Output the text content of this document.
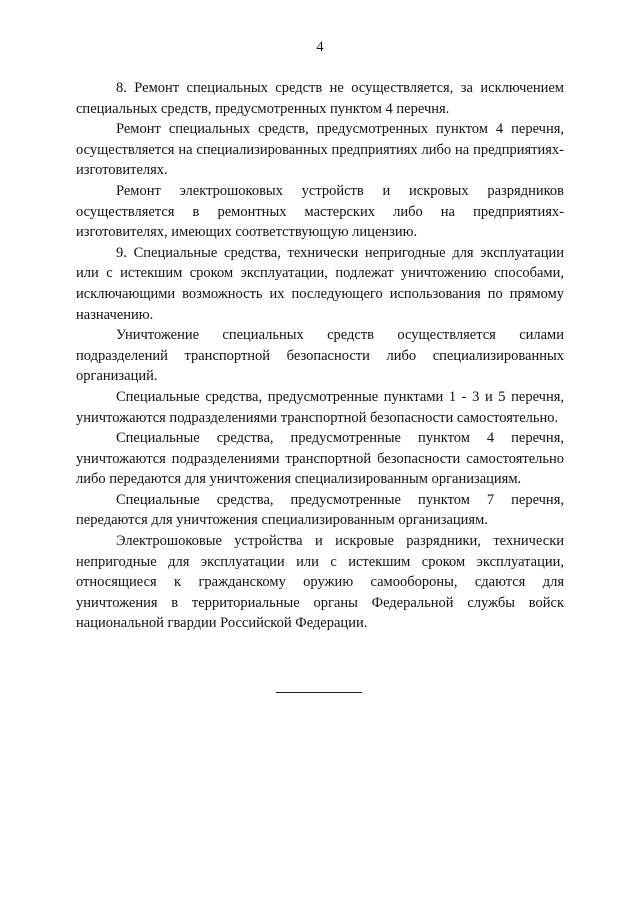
4

8. Ремонт специальных средств не осуществляется, за исключением специальных средств, предусмотренных пунктом 4 перечня.

Ремонт специальных средств, предусмотренных пунктом 4 перечня, осуществляется на специализированных предприятиях либо на предприятиях-изготовителях.

Ремонт электрошоковых устройств и искровых разрядников осуществляется в ремонтных мастерских либо на предприятиях-изготовителях, имеющих соответствующую лицензию.

9. Специальные средства, технически непригодные для эксплуатации или с истекшим сроком эксплуатации, подлежат уничтожению способами, исключающими возможность их последующего использования по прямому назначению.

Уничтожение специальных средств осуществляется силами подразделений транспортной безопасности либо специализированных организаций.

Специальные средства, предусмотренные пунктами 1 - 3 и 5 перечня, уничтожаются подразделениями транспортной безопасности самостоятельно.

Специальные средства, предусмотренные пунктом 4 перечня, уничтожаются подразделениями транспортной безопасности самостоятельно либо передаются для уничтожения специализированным организациям.

Специальные средства, предусмотренные пунктом 7 перечня, передаются для уничтожения специализированным организациям.

Электрошоковые устройства и искровые разрядники, технически непригодные для эксплуатации или с истекшим сроком эксплуатации, относящиеся к гражданскому оружию самообороны, сдаются для уничтожения в территориальные органы Федеральной службы войск национальной гвардии Российской Федерации.
